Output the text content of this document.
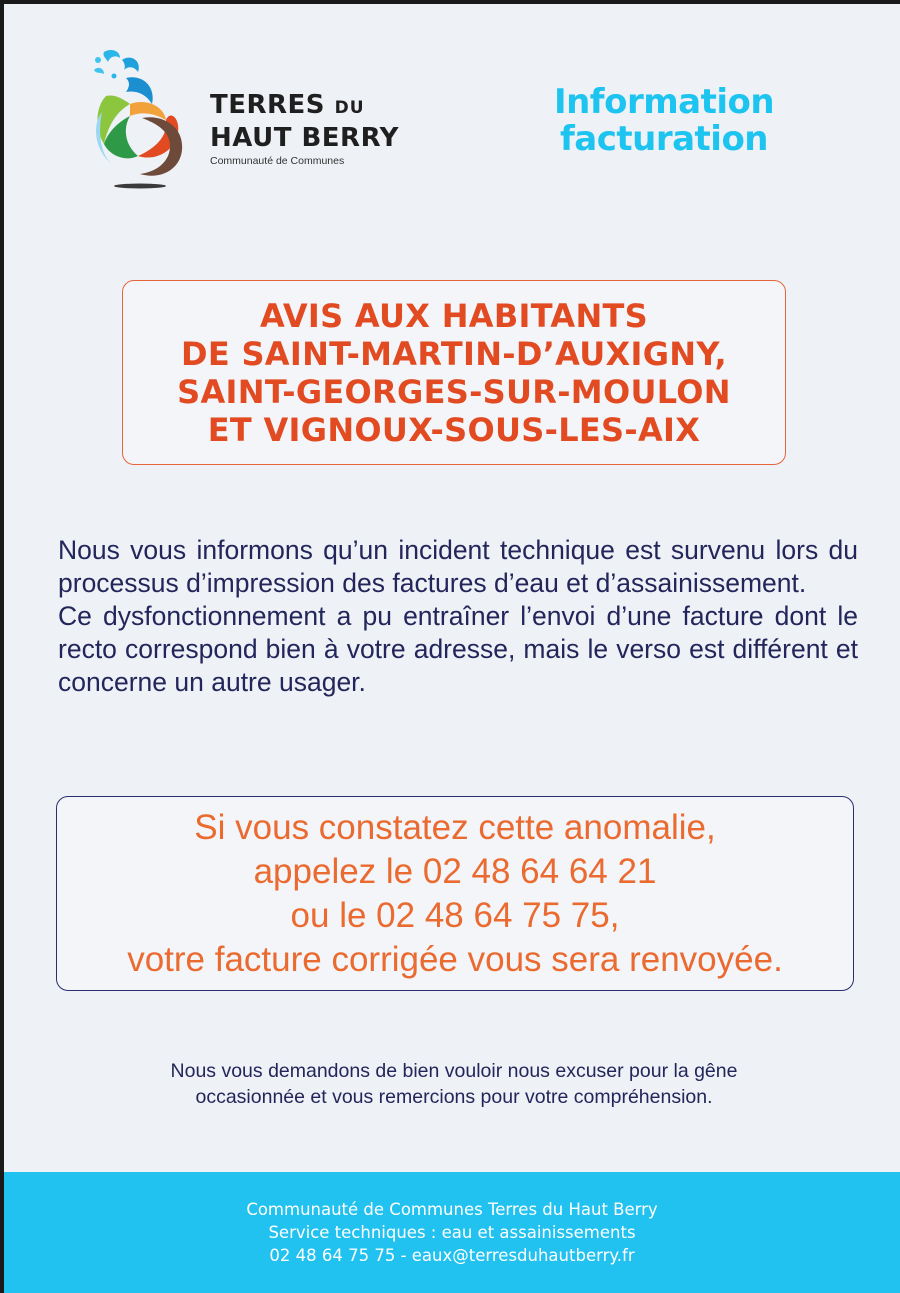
TERRES DU
HAUT BERRY
Communauté de Communes
Information
facturation
AVIS AUX HABITANTS
DE SAINT-MARTIN-D’AUXIGNY,
SAINT-GEORGES-SUR-MOULON
ET VIGNOUX-SOUS-LES-AIX

Nous vous informons qu’un incident technique est survenu lors du processus d’impression des factures d’eau et d’assainissement.

Ce dysfonctionnement a pu entraîner l’envoi d’une facture dont le recto correspond bien à votre adresse, mais le verso est différent et concerne un autre usager.

Si vous constatez cette anomalie,
appelez le 02 48 64 64 21
ou le 02 48 64 75 75,
votre facture corrigée vous sera renvoyée.
Nous vous demandons de bien vouloir nous excuser pour la gêne
occasionnée et vous remercions pour votre compréhension.
Communauté de Communes Terres du Haut Berry
Service techniques : eau et assainissements
02 48 64 75 75 - eaux@terresduhautberry.fr
